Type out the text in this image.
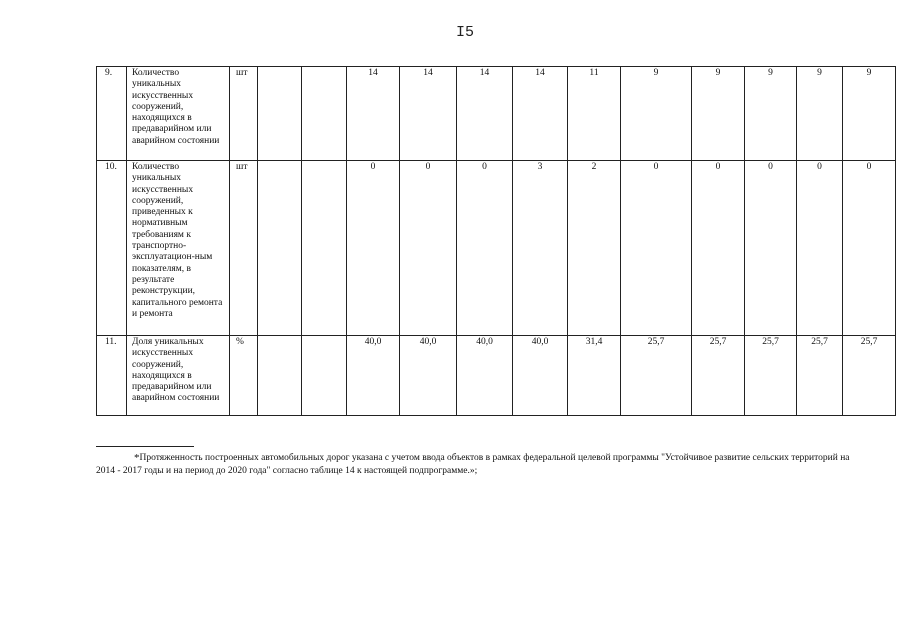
I5
9.	Количество уникальных искусственных сооружений, находящихся в предаварийном или аварийном состоянии	шт			14	14	14	14	11	9	9	9	9	9
10.	Количество уникальных искусственных сооружений, приведенных к нормативным требованиям к транспортно-эксплуатацион-ным показателям, в результате реконструкции, капитального ремонта и ремонта	шт			0	0	0	3	2	0	0	0	0	0
11.	Доля уникальных искусственных сооружений, находящихся в предаварийном или аварийном состоянии	%			40,0	40,0	40,0	40,0	31,4	25,7	25,7	25,7	25,7	25,7
*Протяженность построенных автомобильных дорог указана с учетом ввода объектов в рамках федеральной целевой программы "Устойчивое развитие сельских территорий на 2014 - 2017 годы и на период до 2020 года" согласно таблице 14 к настоящей подпрограмме.»;
